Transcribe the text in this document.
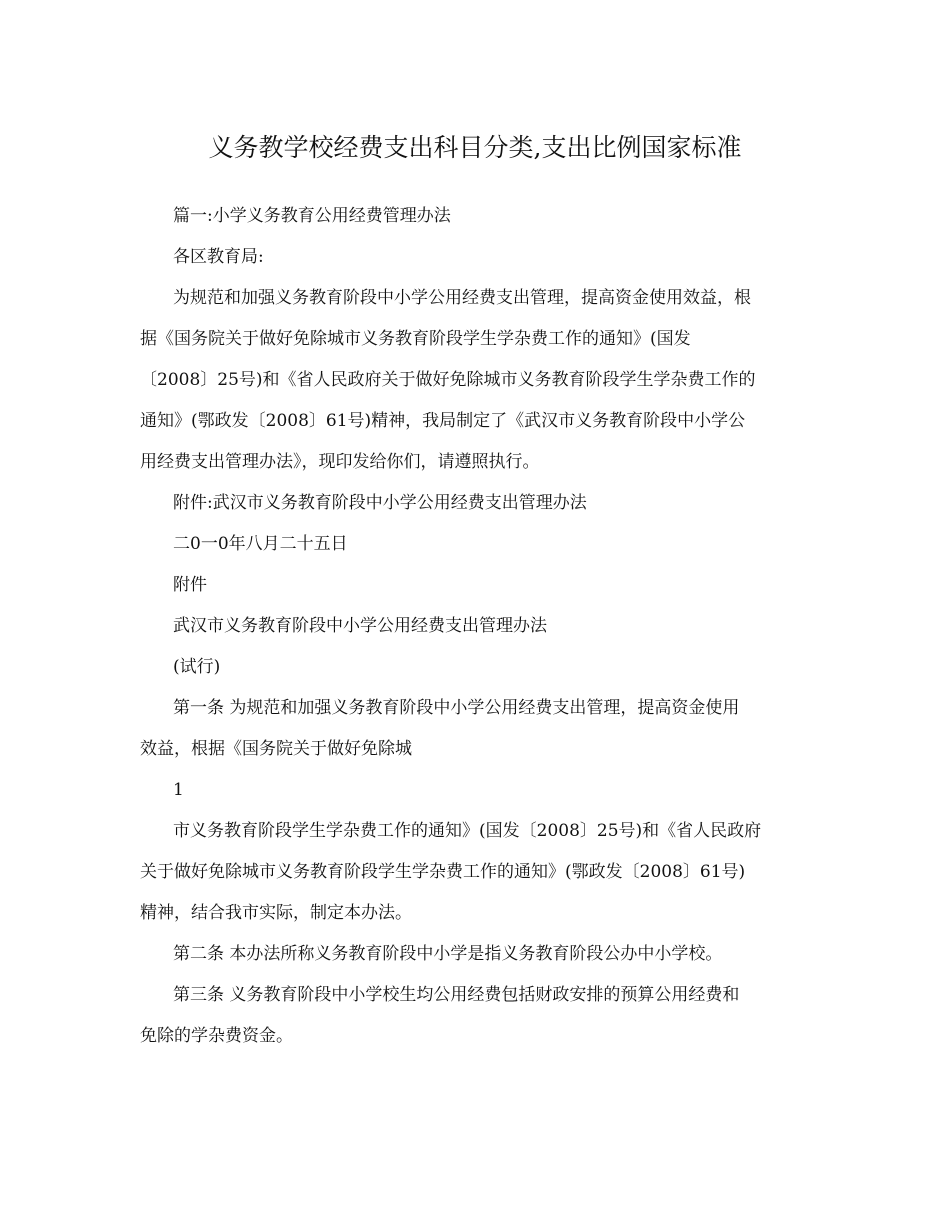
义务教学校经费支出科目分类,支出比例国家标准
篇一:小学义务教育公用经费管理办法
各区教育局:
为规范和加强义务教育阶段中小学公用经费支出管理，提高资金使用效益，根
据《国务院关于做好免除城市义务教育阶段学生学杂费工作的通知》(国发
〔2008〕25号)和《省人民政府关于做好免除城市义务教育阶段学生学杂费工作的
通知》(鄂政发〔2008〕61号)精神，我局制定了《武汉市义务教育阶段中小学公
用经费支出管理办法》，现印发给你们，请遵照执行。
附件:武汉市义务教育阶段中小学公用经费支出管理办法
二0一0年八月二十五日
附件
武汉市义务教育阶段中小学公用经费支出管理办法
(试行)
第一条 为规范和加强义务教育阶段中小学公用经费支出管理，提高资金使用
效益，根据《国务院关于做好免除城
1
市义务教育阶段学生学杂费工作的通知》(国发〔2008〕25号)和《省人民政府
关于做好免除城市义务教育阶段学生学杂费工作的通知》(鄂政发〔2008〕61号)
精神，结合我市实际，制定本办法。
第二条 本办法所称义务教育阶段中小学是指义务教育阶段公办中小学校。
第三条 义务教育阶段中小学校生均公用经费包括财政安排的预算公用经费和
免除的学杂费资金。
